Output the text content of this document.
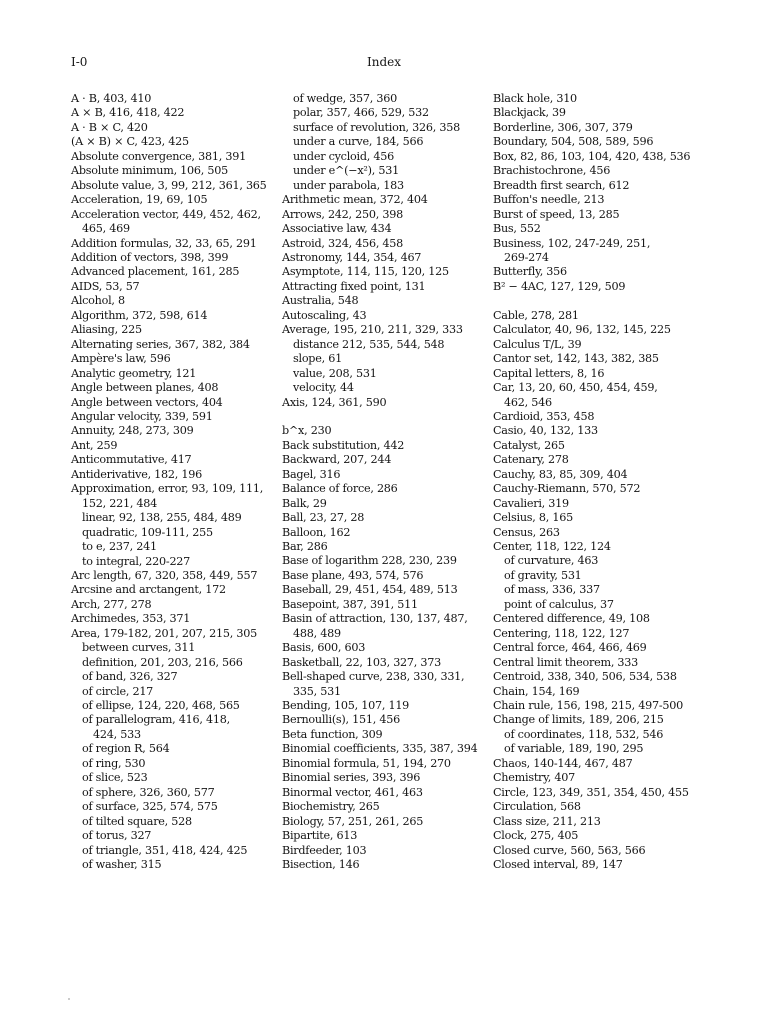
I-0	Index
A · B, 403, 410
A × B, 416, 418, 422
A · B × C, 420
(A × B) × C, 423, 425
Absolute convergence, 381, 391
Absolute minimum, 106, 505
Absolute value, 3, 99, 212, 361, 365
Acceleration, 19, 69, 105
Acceleration vector, 449, 452, 462,
465, 469
Addition formulas, 32, 33, 65, 291
Addition of vectors, 398, 399
Advanced placement, 161, 285
AIDS, 53, 57
Alcohol, 8
Algorithm, 372, 598, 614
Aliasing, 225
Alternating series, 367, 382, 384
Ampère's law, 596
Analytic geometry, 121
Angle between planes, 408
Angle between vectors, 404
Angular velocity, 339, 591
Annuity, 248, 273, 309
Ant, 259
Anticommutative, 417
Antiderivative, 182, 196
Approximation, error, 93, 109, 111,
152, 221, 484
linear, 92, 138, 255, 484, 489
quadratic, 109-111, 255
to e, 237, 241
to integral, 220-227
Arc length, 67, 320, 358, 449, 557
Arcsine and arctangent, 172
Arch, 277, 278
Archimedes, 353, 371
Area, 179-182, 201, 207, 215, 305
between curves, 311
definition, 201, 203, 216, 566
of band, 326, 327
of circle, 217
of ellipse, 124, 220, 468, 565
of parallelogram, 416, 418,
424, 533
of region R, 564
of ring, 530
of slice, 523
of sphere, 326, 360, 577
of surface, 325, 574, 575
of tilted square, 528
of torus, 327
of triangle, 351, 418, 424, 425
of washer, 315
of wedge, 357, 360
polar, 357, 466, 529, 532
surface of revolution, 326, 358
under a curve, 184, 566
under cycloid, 456
under e^(−x²), 531
under parabola, 183
Arithmetic mean, 372, 404
Arrows, 242, 250, 398
Associative law, 434
Astroid, 324, 456, 458
Astronomy, 144, 354, 467
Asymptote, 114, 115, 120, 125
Attracting fixed point, 131
Australia, 548
Autoscaling, 43
Average, 195, 210, 211, 329, 333
distance 212, 535, 544, 548
slope, 61
value, 208, 531
velocity, 44
Axis, 124, 361, 590
b^x, 230
Back substitution, 442
Backward, 207, 244
Bagel, 316
Balance of force, 286
Balk, 29
Ball, 23, 27, 28
Balloon, 162
Bar, 286
Base of logarithm 228, 230, 239
Base plane, 493, 574, 576
Baseball, 29, 451, 454, 489, 513
Basepoint, 387, 391, 511
Basin of attraction, 130, 137, 487,
488, 489
Basis, 600, 603
Basketball, 22, 103, 327, 373
Bell-shaped curve, 238, 330, 331,
335, 531
Bending, 105, 107, 119
Bernoulli(s), 151, 456
Beta function, 309
Binomial coefficients, 335, 387, 394
Binomial formula, 51, 194, 270
Binomial series, 393, 396
Binormal vector, 461, 463
Biochemistry, 265
Biology, 57, 251, 261, 265
Bipartite, 613
Birdfeeder, 103
Bisection, 146
Black hole, 310
Blackjack, 39
Borderline, 306, 307, 379
Boundary, 504, 508, 589, 596
Box, 82, 86, 103, 104, 420, 438, 536
Brachistochrone, 456
Breadth first search, 612
Buffon's needle, 213
Burst of speed, 13, 285
Bus, 552
Business, 102, 247-249, 251,
269-274
Butterfly, 356
B² − 4AC, 127, 129, 509
Cable, 278, 281
Calculator, 40, 96, 132, 145, 225
Calculus T/L, 39
Cantor set, 142, 143, 382, 385
Capital letters, 8, 16
Car, 13, 20, 60, 450, 454, 459,
462, 546
Cardioid, 353, 458
Casio, 40, 132, 133
Catalyst, 265
Catenary, 278
Cauchy, 83, 85, 309, 404
Cauchy-Riemann, 570, 572
Cavalieri, 319
Celsius, 8, 165
Census, 263
Center, 118, 122, 124
of curvature, 463
of gravity, 531
of mass, 336, 337
point of calculus, 37
Centered difference, 49, 108
Centering, 118, 122, 127
Central force, 464, 466, 469
Central limit theorem, 333
Centroid, 338, 340, 506, 534, 538
Chain, 154, 169
Chain rule, 156, 198, 215, 497-500
Change of limits, 189, 206, 215
of coordinates, 118, 532, 546
of variable, 189, 190, 295
Chaos, 140-144, 467, 487
Chemistry, 407
Circle, 123, 349, 351, 354, 450, 455
Circulation, 568
Class size, 211, 213
Clock, 275, 405
Closed curve, 560, 563, 566
Closed interval, 89, 147
